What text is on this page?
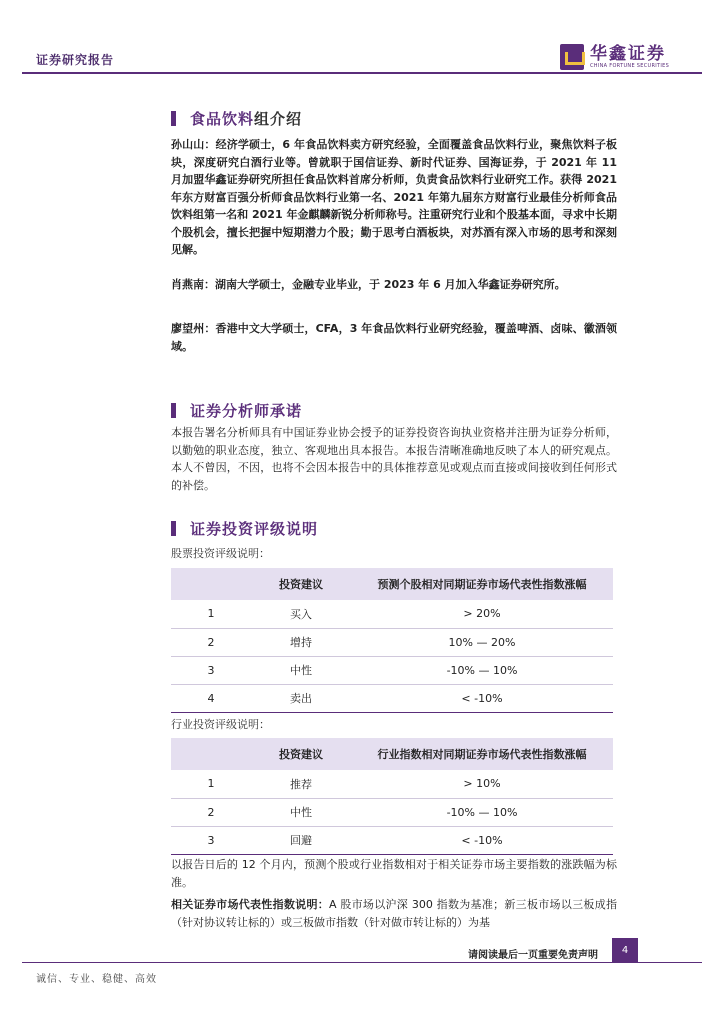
证券研究报告	华鑫证券
CHINA FORTUNE SECURITIES
食品饮料组介绍
孙山山：经济学硕士，6 年食品饮料卖方研究经验，全面覆盖食品饮料行业，聚焦饮料子板块，深度研究白酒行业等。曾就职于国信证券、新时代证券、国海证券，于 2021 年 11 月加盟华鑫证券研究所担任食品饮料首席分析师，负责食品饮料行业研究工作。获得 2021 年东方财富百强分析师食品饮料行业第一名、2021 年第九届东方财富行业最佳分析师食品饮料组第一名和 2021 年金麒麟新锐分析师称号。注重研究行业和个股基本面，寻求中长期个股机会，擅长把握中短期潜力个股；勤于思考白酒板块，对苏酒有深入市场的思考和深刻见解。
肖燕南：湖南大学硕士，金融专业毕业，于 2023 年 6 月加入华鑫证券研究所。
廖望州：香港中文大学硕士，CFA，3 年食品饮料行业研究经验，覆盖啤酒、卤味、徽酒领域。
证券分析师承诺
本报告署名分析师具有中国证券业协会授予的证券投资咨询执业资格并注册为证券分析师，以勤勉的职业态度，独立、客观地出具本报告。本报告清晰准确地反映了本人的研究观点。本人不曾因，不因，也将不会因本报告中的具体推荐意见或观点而直接或间接收到任何形式的补偿。
证券投资评级说明
股票投资评级说明：
	投资建议	预测个股相对同期证券市场代表性指数涨幅
1	买入	> 20%
2	增持	10% — 20%
3	中性	-10% — 10%
4	卖出	< -10%
行业投资评级说明：
	投资建议	行业指数相对同期证券市场代表性指数涨幅
1	推荐	> 10%
2	中性	-10% — 10%
3	回避	< -10%
以报告日后的 12 个月内，预测个股或行业指数相对于相关证券市场主要指数的涨跌幅为标准。
相关证券市场代表性指数说明：A 股市场以沪深 300 指数为基准；新三板市场以三板成指（针对协议转让标的）或三板做市指数（针对做市转让标的）为基
请阅读最后一页重要免责声明	4
诚信、专业、稳健、高效
